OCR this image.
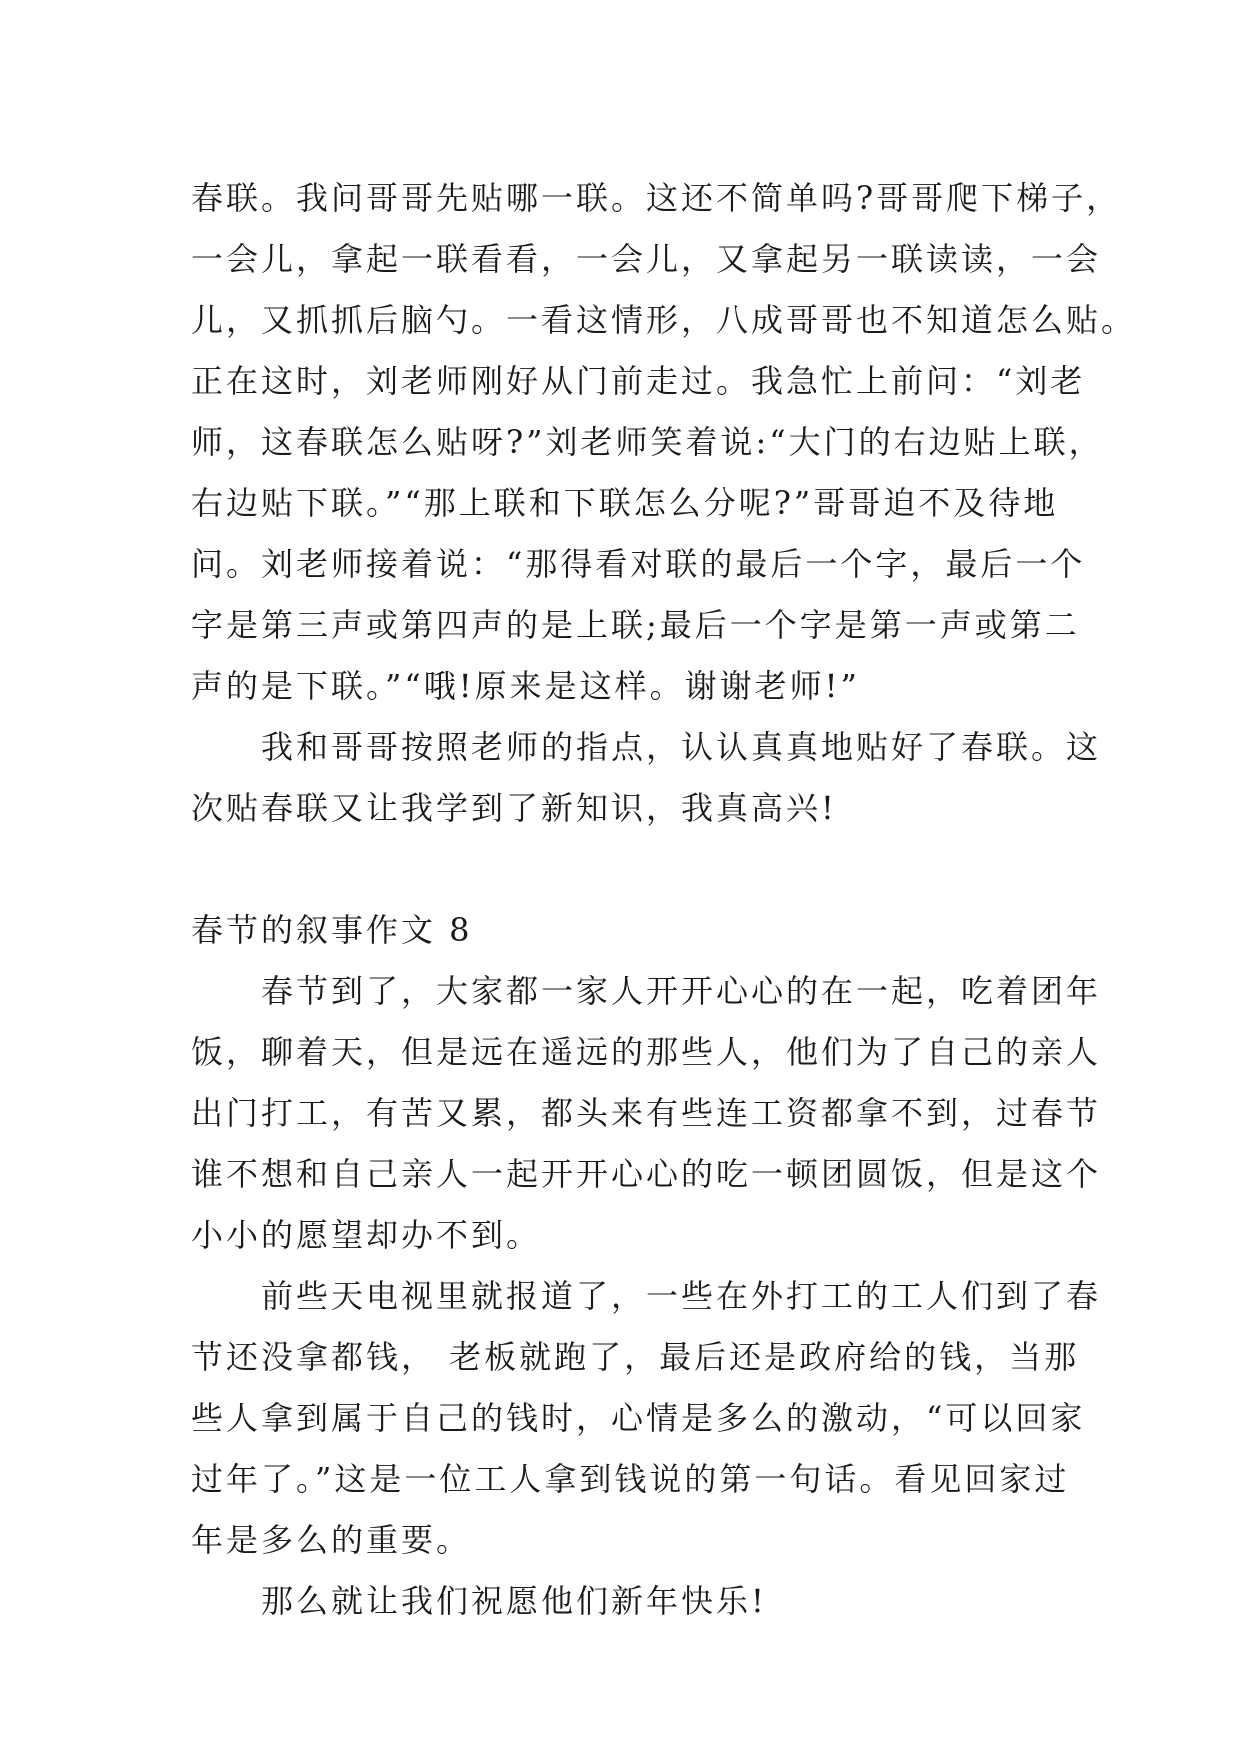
春联。我问哥哥先贴哪一联。这还不简单吗?哥哥爬下梯子，
一会儿，拿起一联看看，一会儿，又拿起另一联读读，一会
儿，又抓抓后脑勺。一看这情形，八成哥哥也不知道怎么贴。
正在这时，刘老师刚好从门前走过。我急忙上前问：“刘老
师，这春联怎么贴呀?”刘老师笑着说:“大门的右边贴上联，
右边贴下联。”“那上联和下联怎么分呢?”哥哥迫不及待地
问。刘老师接着说：“那得看对联的最后一个字，最后一个
字是第三声或第四声的是上联;最后一个字是第一声或第二
声的是下联。”“哦!原来是这样。谢谢老师!”

我和哥哥按照老师的指点，认认真真地贴好了春联。这
次贴春联又让我学到了新知识，我真高兴!

春节的叙事作文 8

春节到了，大家都一家人开开心心的在一起，吃着团年
饭，聊着天，但是远在遥远的那些人，他们为了自己的亲人
出门打工，有苦又累，都头来有些连工资都拿不到，过春节
谁不想和自己亲人一起开开心心的吃一顿团圆饭，但是这个
小小的愿望却办不到。

前些天电视里就报道了，一些在外打工的工人们到了春
节还没拿都钱， 老板就跑了，最后还是政府给的钱，当那
些人拿到属于自己的钱时，心情是多么的激动，“可以回家
过年了。”这是一位工人拿到钱说的第一句话。看见回家过
年是多么的重要。

那么就让我们祝愿他们新年快乐!
